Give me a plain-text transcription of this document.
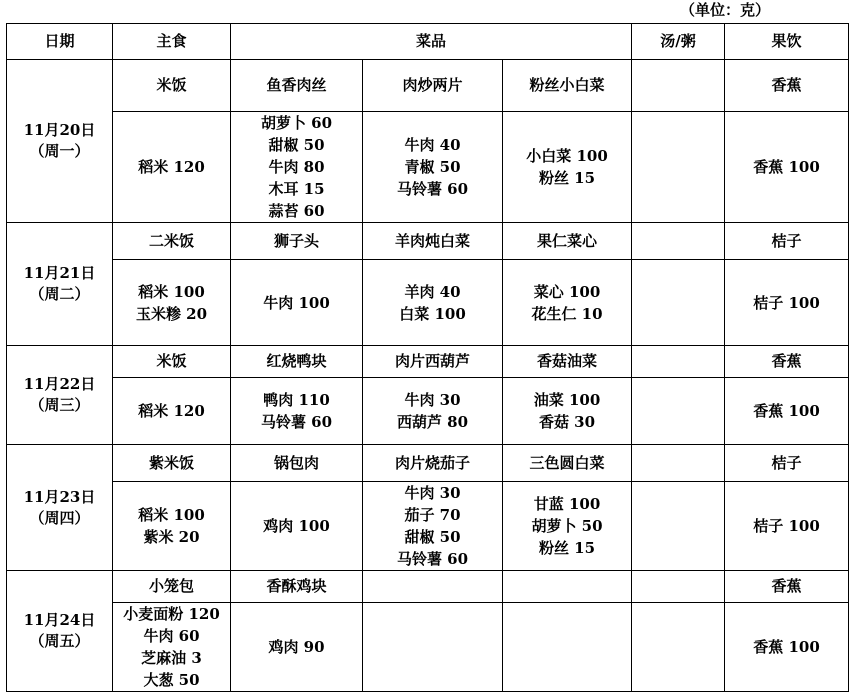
（单位：克）
日期	主食	菜品			汤/粥	果饮

11月20日
（周一）	米饭	鱼香肉丝	肉炒两片	粉丝小白菜		香蕉

	稻米 120	胡萝卜 60
甜椒 50
牛肉 80
木耳 15
蒜苔 60	牛肉 40
青椒 50
马铃薯 60	小白菜 100
粉丝 15		香蕉 100

11月21日
（周二）	二米饭	狮子头	羊肉炖白菜	果仁菜心		桔子

	稻米 100
玉米糁 20	牛肉 100	羊肉 40
白菜 100	菜心 100
花生仁 10		桔子 100

11月22日
（周三）	米饭	红烧鸭块	肉片西葫芦	香菇油菜		香蕉

	稻米 120	鸭肉 110
马铃薯 60	牛肉 30
西葫芦 80	油菜 100
香菇 30		香蕉 100

11月23日
（周四）	紫米饭	锅包肉	肉片烧茄子	三色圆白菜		桔子

	稻米 100
紫米 20	鸡肉 100	牛肉 30
茄子 70
甜椒 50
马铃薯 60	甘蓝 100
胡萝卜 50
粉丝 15		桔子 100

11月24日
（周五）	小笼包	香酥鸡块				香蕉

	小麦面粉 120
牛肉 60
芝麻油 3
大葱 50	鸡肉 90				香蕉 100
